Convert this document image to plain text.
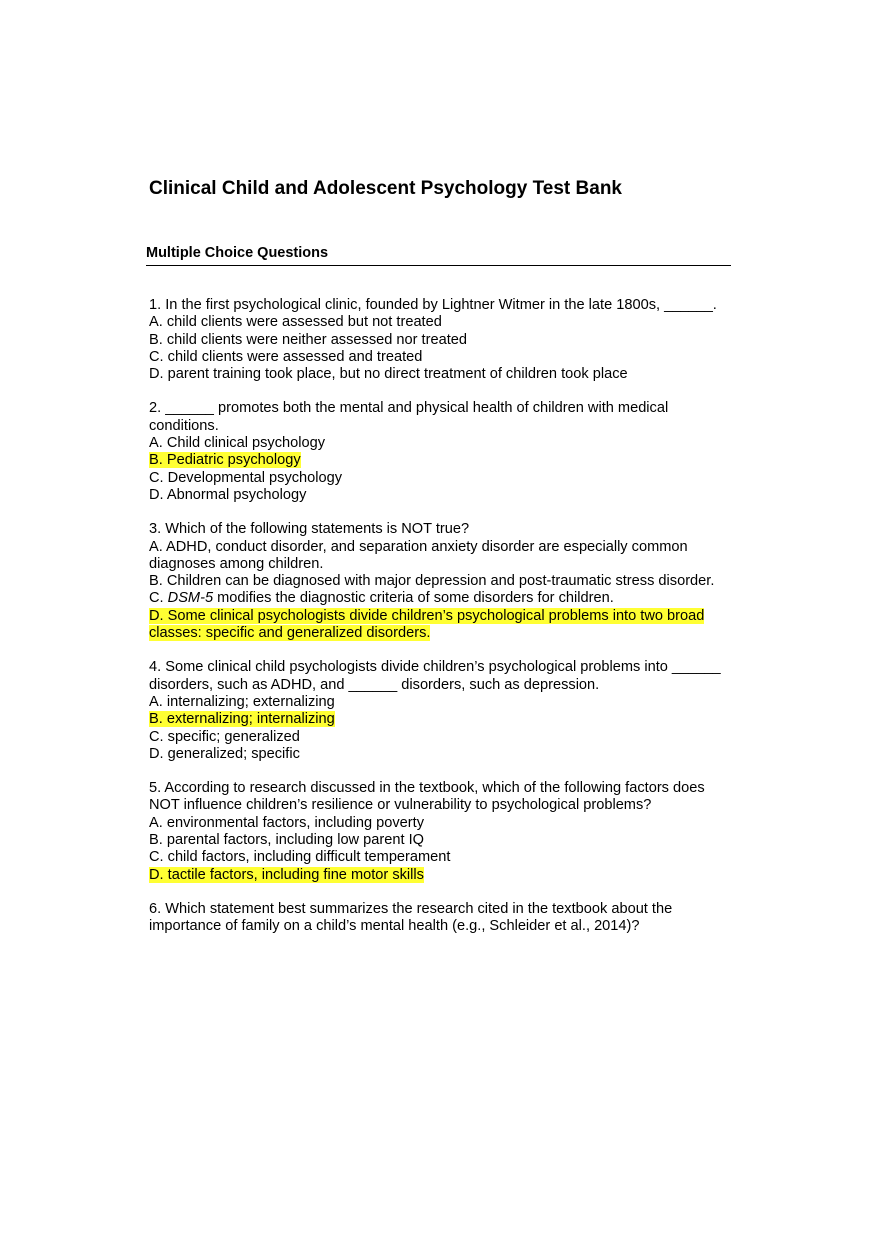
Clinical Child and Adolescent Psychology Test Bank
Multiple Choice Questions
1. In the first psychological clinic, founded by Lightner Witmer in the late 1800s, ______.
A. child clients were assessed but not treated
B. child clients were neither assessed nor treated
C. child clients were assessed and treated
D. parent training took place, but no direct treatment of children took place
2. ______ promotes both the mental and physical health of children with medical conditions.
A. Child clinical psychology
B. Pediatric psychology
C. Developmental psychology
D. Abnormal psychology
3. Which of the following statements is NOT true?
A. ADHD, conduct disorder, and separation anxiety disorder are especially common diagnoses among children.
B. Children can be diagnosed with major depression and post-traumatic stress disorder.
C. DSM-5 modifies the diagnostic criteria of some disorders for children.
D. Some clinical psychologists divide children’s psychological problems into two broad classes: specific and generalized disorders.
4. Some clinical child psychologists divide children’s psychological problems into ______ disorders, such as ADHD, and ______ disorders, such as depression.
A. internalizing; externalizing
B. externalizing; internalizing
C. specific; generalized
D. generalized; specific
5. According to research discussed in the textbook, which of the following factors does NOT influence children’s resilience or vulnerability to psychological problems?
A. environmental factors, including poverty
B. parental factors, including low parent IQ
C. child factors, including difficult temperament
D. tactile factors, including fine motor skills
6. Which statement best summarizes the research cited in the textbook about the importance of family on a child’s mental health (e.g., Schleider et al., 2014)?
